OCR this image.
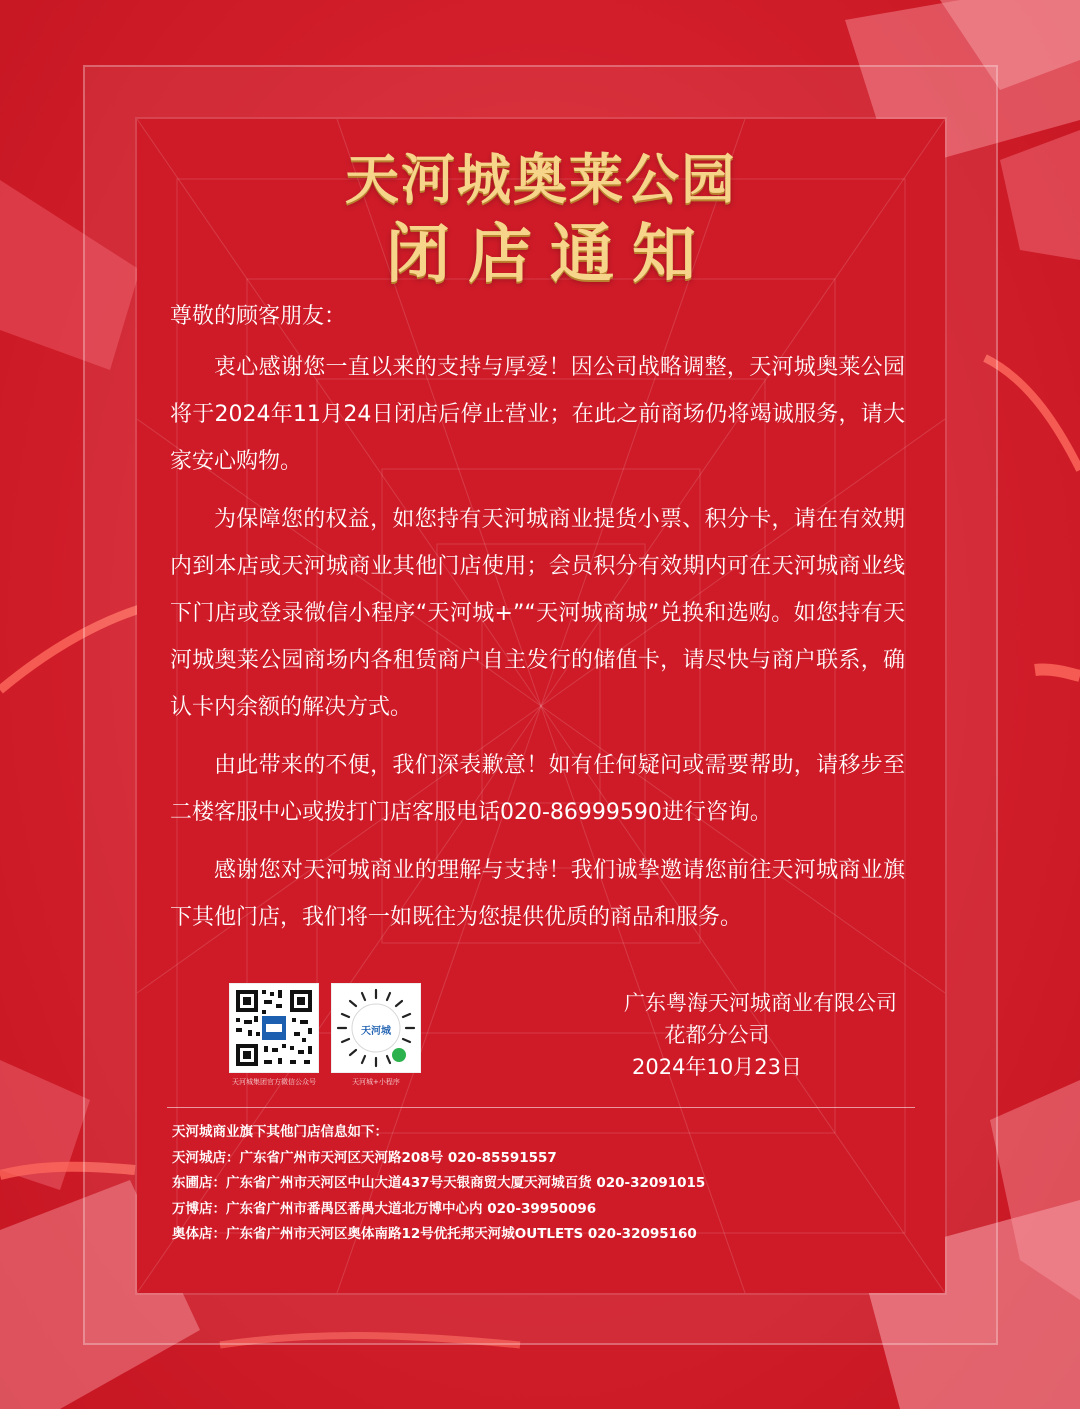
天河城奥莱公园
闭店通知

尊敬的顾客朋友：

衷心感谢您一直以来的支持与厚爱！因公司战略调整，天河城奥莱公园将于2024年11月24日闭店后停止营业；在此之前商场仍将竭诚服务，请大家安心购物。

为保障您的权益，如您持有天河城商业提货小票、积分卡，请在有效期内到本店或天河城商业其他门店使用；会员积分有效期内可在天河城商业线下门店或登录微信小程序“天河城+”“天河城商城”兑换和选购。如您持有天河城奥莱公园商场内各租赁商户自主发行的储值卡，请尽快与商户联系，确认卡内余额的解决方式。

由此带来的不便，我们深表歉意！如有任何疑问或需要帮助，请移步至二楼客服中心或拨打门店客服电话020-86999590进行咨询。

感谢您对天河城商业的理解与支持！我们诚挚邀请您前往天河城商业旗下其他门店，我们将一如既往为您提供优质的商品和服务。

天河城集团官方微信公众号
天河城
天河城+小程序
广东粤海天河城商业有限公司
花都分公司
2024年10月23日
天河城商业旗下其他门店信息如下：
天河城店：广东省广州市天河区天河路208号 020-85591557
东圃店：广东省广州市天河区中山大道437号天银商贸大厦天河城百货 020-32091015
万博店：广东省广州市番禺区番禺大道北万博中心内 020-39950096
奥体店：广东省广州市天河区奥体南路12号优托邦天河城OUTLETS 020-32095160
